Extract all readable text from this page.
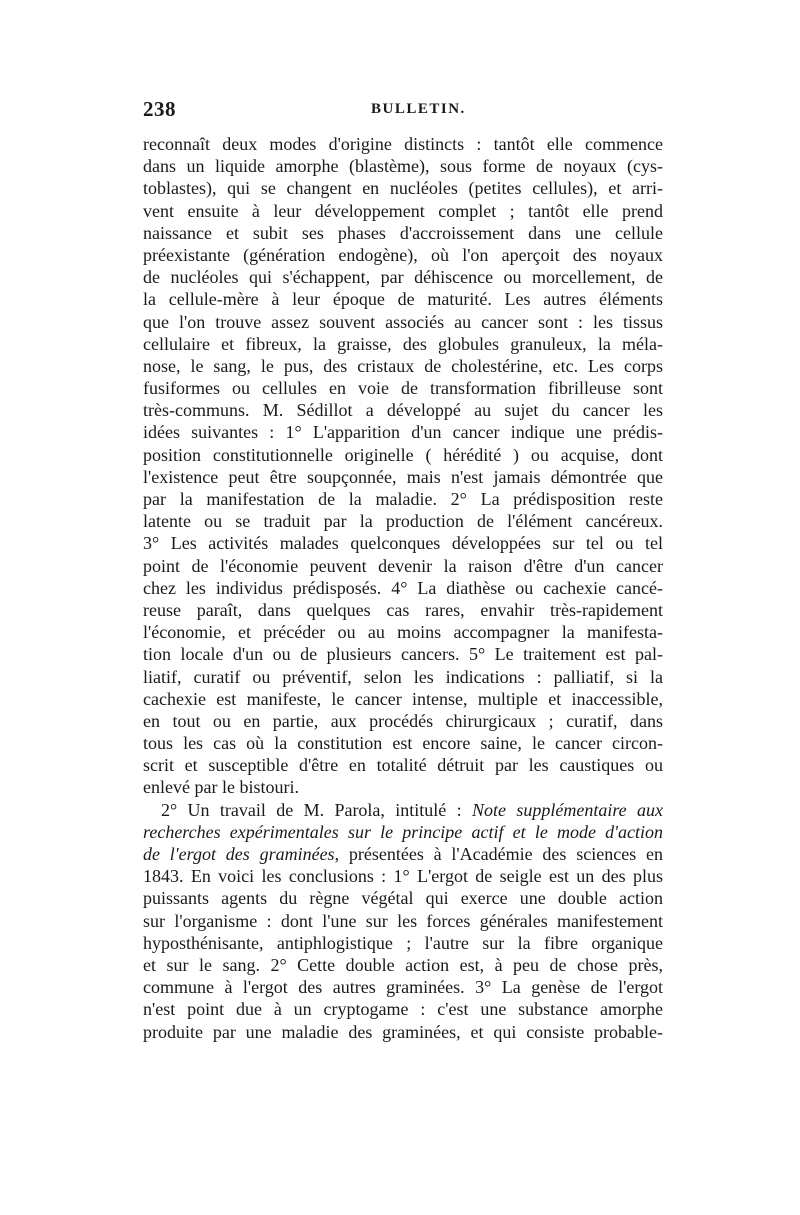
238	BULLETIN.
reconnaît deux modes d'origine distincts : tantôt elle commence
dans un liquide amorphe (blastème), sous forme de noyaux (cys-
toblastes), qui se changent en nucléoles (petites cellules), et arri-
vent ensuite à leur développement complet ; tantôt elle prend
naissance et subit ses phases d'accroissement dans une cellule
préexistante (génération endogène), où l'on aperçoit des noyaux
de nucléoles qui s'échappent, par déhiscence ou morcellement, de
la cellule-mère à leur époque de maturité. Les autres éléments
que l'on trouve assez souvent associés au cancer sont : les tissus
cellulaire et fibreux, la graisse, des globules granuleux, la méla-
nose, le sang, le pus, des cristaux de cholestérine, etc. Les corps
fusiformes ou cellules en voie de transformation fibrilleuse sont
très-communs. M. Sédillot a développé au sujet du cancer les
idées suivantes : 1° L'apparition d'un cancer indique une prédis-
position constitutionnelle originelle ( hérédité ) ou acquise, dont
l'existence peut être soupçonnée, mais n'est jamais démontrée que
par la manifestation de la maladie. 2° La prédisposition reste
latente ou se traduit par la production de l'élément cancéreux.
3° Les activités malades quelconques développées sur tel ou tel
point de l'économie peuvent devenir la raison d'être d'un cancer
chez les individus prédisposés. 4° La diathèse ou cachexie cancé-
reuse paraît, dans quelques cas rares, envahir très-rapidement
l'économie, et précéder ou au moins accompagner la manifesta-
tion locale d'un ou de plusieurs cancers. 5° Le traitement est pal-
liatif, curatif ou préventif, selon les indications : palliatif, si la
cachexie est manifeste, le cancer intense, multiple et inaccessible,
en tout ou en partie, aux procédés chirurgicaux ; curatif, dans
tous les cas où la constitution est encore saine, le cancer circon-
scrit et susceptible d'être en totalité détruit par les caustiques ou
enlevé par le bistouri.
2° Un travail de M. Parola, intitulé : Note supplémentaire aux
recherches expérimentales sur le principe actif et le mode d'action
de l'ergot des graminées, présentées à l'Académie des sciences en
1843. En voici les conclusions : 1° L'ergot de seigle est un des plus
puissants agents du règne végétal qui exerce une double action
sur l'organisme : dont l'une sur les forces générales manifestement
hyposthénisante, antiphlogistique ; l'autre sur la fibre organique
et sur le sang. 2° Cette double action est, à peu de chose près,
commune à l'ergot des autres graminées. 3° La genèse de l'ergot
n'est point due à un cryptogame : c'est une substance amorphe
produite par une maladie des graminées, et qui consiste probable-
